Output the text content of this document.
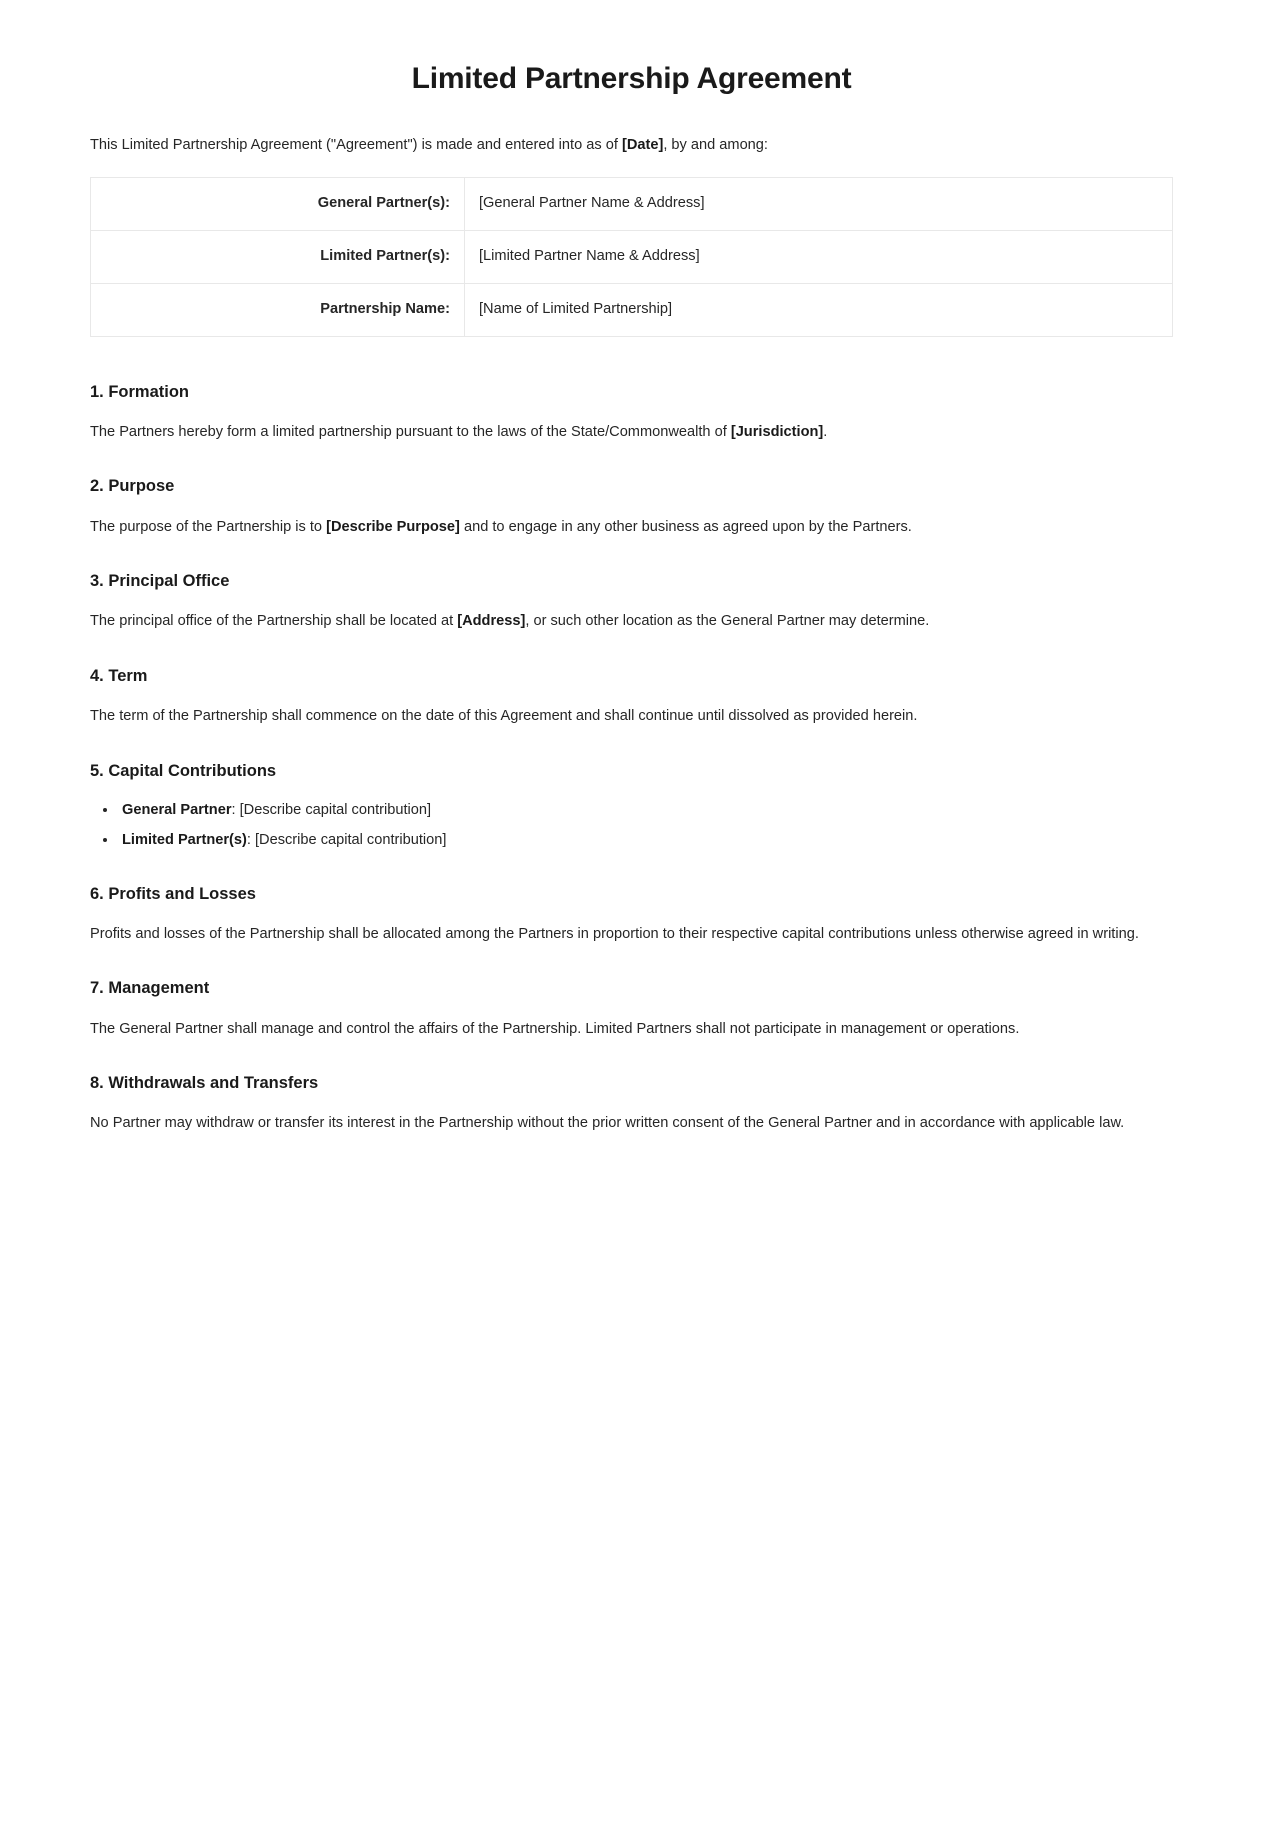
Limited Partnership Agreement

This Limited Partnership Agreement ("Agreement") is made and entered into as of [Date], by and among:

General Partner(s):	[General Partner Name & Address]
Limited Partner(s):	[Limited Partner Name & Address]
Partnership Name:	[Name of Limited Partnership]
1. Formation

The Partners hereby form a limited partnership pursuant to the laws of the State/Commonwealth of [Jurisdiction].

2. Purpose

The purpose of the Partnership is to [Describe Purpose] and to engage in any other business as agreed upon by the Partners.

3. Principal Office

The principal office of the Partnership shall be located at [Address], or such other location as the General Partner may determine.

4. Term

The term of the Partnership shall commence on the date of this Agreement and shall continue until dissolved as provided herein.

5. Capital Contributions
• General Partner: [Describe capital contribution]
• Limited Partner(s): [Describe capital contribution]
6. Profits and Losses

Profits and losses of the Partnership shall be allocated among the Partners in proportion to their respective capital contributions unless otherwise agreed in writing.

7. Management

The General Partner shall manage and control the affairs of the Partnership. Limited Partners shall not participate in management or operations.

8. Withdrawals and Transfers

No Partner may withdraw or transfer its interest in the Partnership without the prior written consent of the General Partner and in accordance with applicable law.
